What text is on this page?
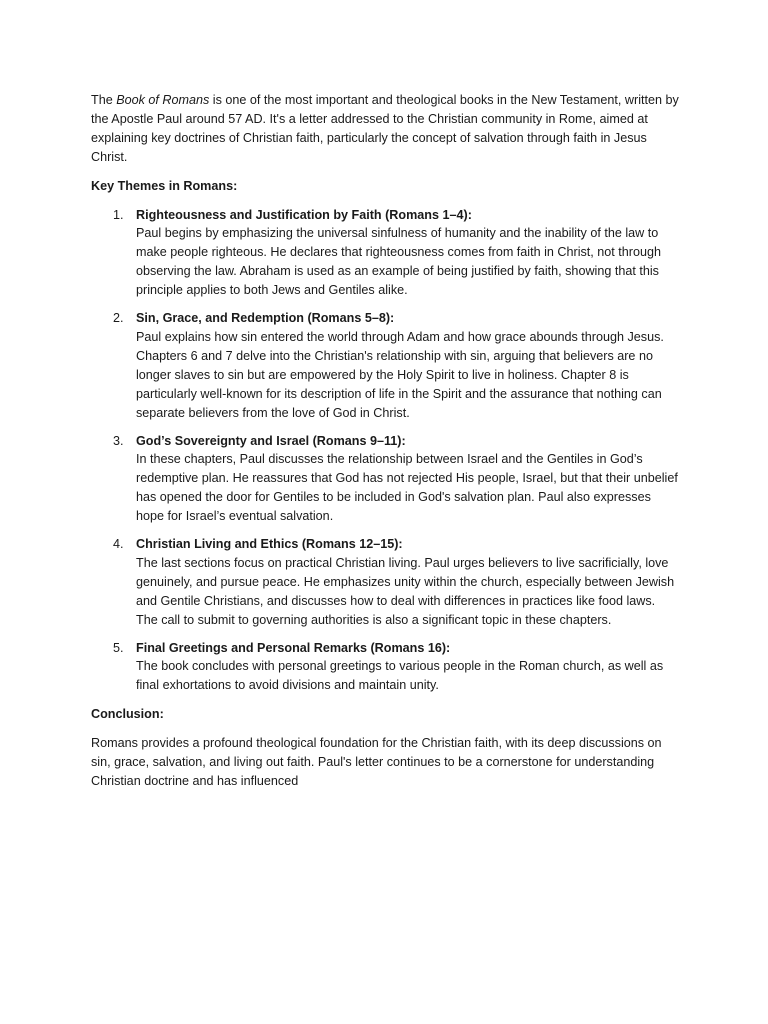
The Book of Romans is one of the most important and theological books in the New Testament, written by the Apostle Paul around 57 AD. It's a letter addressed to the Christian community in Rome, aimed at explaining key doctrines of Christian faith, particularly the concept of salvation through faith in Jesus Christ.

Key Themes in Romans:

1. Righteousness and Justification by Faith (Romans 1–4):
Paul begins by emphasizing the universal sinfulness of humanity and the inability of the law to make people righteous. He declares that righteousness comes from faith in Christ, not through observing the law. Abraham is used as an example of being justified by faith, showing that this principle applies to both Jews and Gentiles alike.
2. Sin, Grace, and Redemption (Romans 5–8):
Paul explains how sin entered the world through Adam and how grace abounds through Jesus. Chapters 6 and 7 delve into the Christian's relationship with sin, arguing that believers are no longer slaves to sin but are empowered by the Holy Spirit to live in holiness. Chapter 8 is particularly well-known for its description of life in the Spirit and the assurance that nothing can separate believers from the love of God in Christ.
3. God’s Sovereignty and Israel (Romans 9–11):
In these chapters, Paul discusses the relationship between Israel and the Gentiles in God’s redemptive plan. He reassures that God has not rejected His people, Israel, but that their unbelief has opened the door for Gentiles to be included in God's salvation plan. Paul also expresses hope for Israel’s eventual salvation.
4. Christian Living and Ethics (Romans 12–15):
The last sections focus on practical Christian living. Paul urges believers to live sacrificially, love genuinely, and pursue peace. He emphasizes unity within the church, especially between Jewish and Gentile Christians, and discusses how to deal with differences in practices like food laws. The call to submit to governing authorities is also a significant topic in these chapters.
5. Final Greetings and Personal Remarks (Romans 16):
The book concludes with personal greetings to various people in the Roman church, as well as final exhortations to avoid divisions and maintain unity.

Conclusion:

Romans provides a profound theological foundation for the Christian faith, with its deep discussions on sin, grace, salvation, and living out faith. Paul's letter continues to be a cornerstone for understanding Christian doctrine and has influenced
